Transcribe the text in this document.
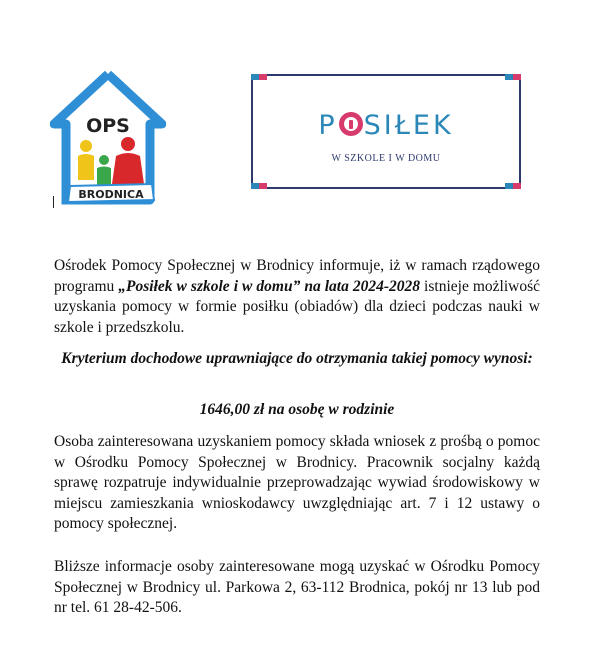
OPS
BRODNICA
P SIŁEK
W SZKOLE I W DOMU

Ośrodek Pomocy Społecznej w Brodnicy informuje, iż w ramach rządowego programu „Posiłek w szkole i w domu” na lata 2024-2028 istnieje możliwość uzyskania pomocy w formie posiłku (obiadów) dla dzieci podczas nauki w szkole i przedszkolu.

Kryterium dochodowe uprawniające do otrzymania takiej pomocy wynosi:

1646,00 zł na osobę w rodzinie

Osoba zainteresowana uzyskaniem pomocy składa wniosek z prośbą o pomoc w Ośrodku Pomocy Społecznej w Brodnicy. Pracownik socjalny każdą sprawę rozpatruje indywidualnie przeprowadzając wywiad środowiskowy w miejscu zamieszkania wnioskodawcy uwzględniając art. 7 i 12 ustawy o pomocy społecznej.

Bliższe informacje osoby zainteresowane mogą uzyskać w Ośrodku Pomocy Społecznej w Brodnicy ul. Parkowa 2, 63-112 Brodnica, pokój nr 13 lub pod nr tel. 61 28-42-506.
